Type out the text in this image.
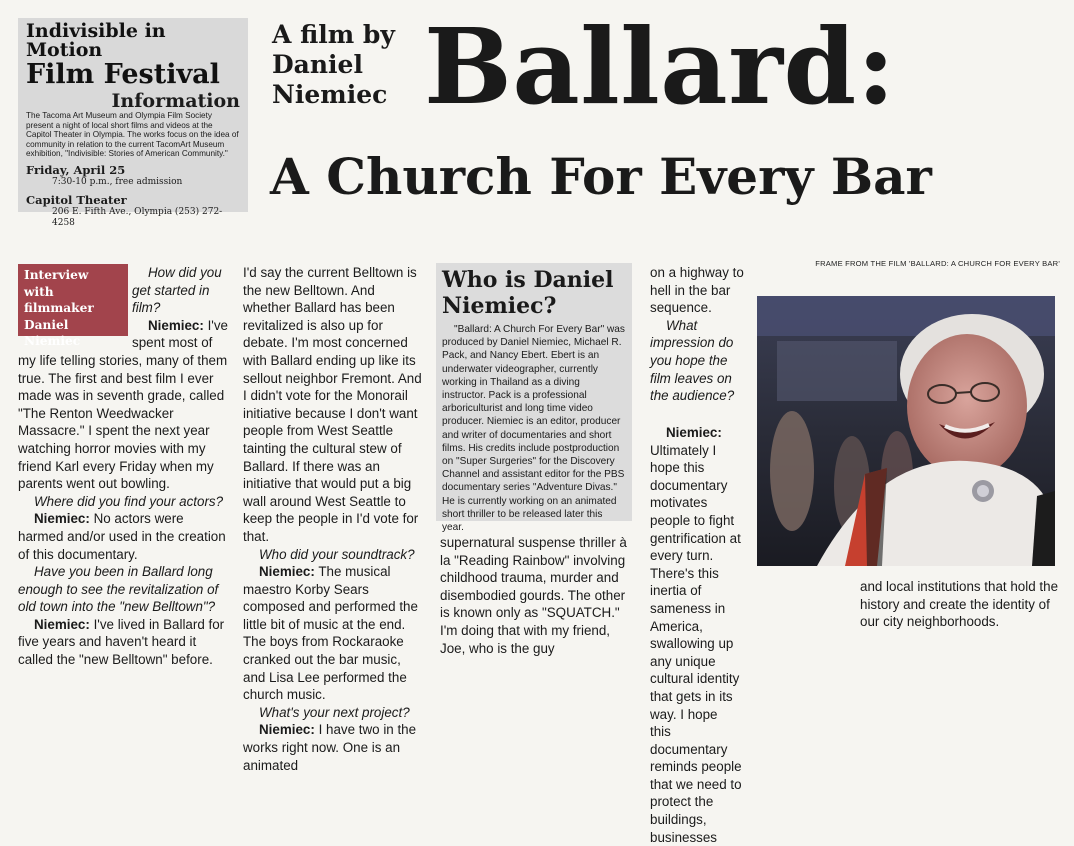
Indivisible in Motion

Film Festival

Information

The Tacoma Art Museum and Olympia Film Society present a night of local short films and videos at the Capitol Theater in Olympia. The works focus on the idea of community in relation to the current TacomArt Museum exhibition, "Indivisible: Stories of American Community."

Friday, April 25

7:30-10 p.m., free admission

Capitol Theater

206 E. Fifth Ave., Olympia (253) 272-4258

A film by
Daniel
Niemiec Ballard:
A Church For Every Bar

How did you get started in film?

Niemiec: I've spent most of my life telling stories, many of them true. The first and best film I ever made was in seventh grade, called "The Renton Weedwacker Massacre." I spent the next year watching horror movies with my friend Karl every Friday when my parents went out bowling.

Where did you find your actors?

Niemiec: No actors were harmed and/or used in the creation of this documentary.

Have you been in Ballard long enough to see the revitalization of old town into the "new Belltown"?

Niemiec: I've lived in Ballard for five years and haven't heard it called the "new Belltown" before.

Interview with
filmmaker
Daniel
Niemiec

I'd say the current Belltown is the new Belltown. And whether Ballard has been revitalized is also up for debate. I'm most concerned with Ballard ending up like its sellout neighbor Fremont. And I didn't vote for the Monorail initiative because I don't want people from West Seattle tainting the cultural stew of Ballard. If there was an initiative that would put a big wall around West Seattle to keep the people in I'd vote for that.

Who did your soundtrack?

Niemiec: The musical maestro Korby Sears composed and performed the little bit of music at the end. The boys from Rockaraoke cranked out the bar music, and Lisa Lee performed the church music.

What's your next project?

Niemiec: I have two in the works right now. One is an animated

Who is Daniel Niemiec?

"Ballard: A Church For Every Bar" was produced by Daniel Niemiec, Michael R. Pack, and Nancy Ebert. Ebert is an underwater videographer, currently working in Thailand as a diving instructor. Pack is a professional arboriculturist and long time video producer. Niemiec is an editor, producer and writer of documentaries and short films. His credits include postproduction on "Super Surgeries" for the Discovery Channel and assistant editor for the PBS documentary series "Adventure Divas." He is currently working on an animated short thriller to be released later this year.

supernatural suspense thriller à la "Reading Rainbow" involving childhood trauma, murder and disembodied gourds. The other is known only as "SQUATCH." I'm doing that with my friend, Joe, who is the guy

on a highway to hell in the bar sequence.

What impression do you hope the film leaves on the audience?

Niemiec: Ultimately I hope this documentary motivates people to fight gentrification at every turn. There's this inertia of sameness in America, swallowing up any unique cultural identity that gets in its way. I hope this documentary reminds people that we need to protect the buildings, businesses

and local institutions that hold the history and create the identity of our city neighborhoods.

FRAME FROM THE FILM 'BALLARD: A CHURCH FOR EVERY BAR'
